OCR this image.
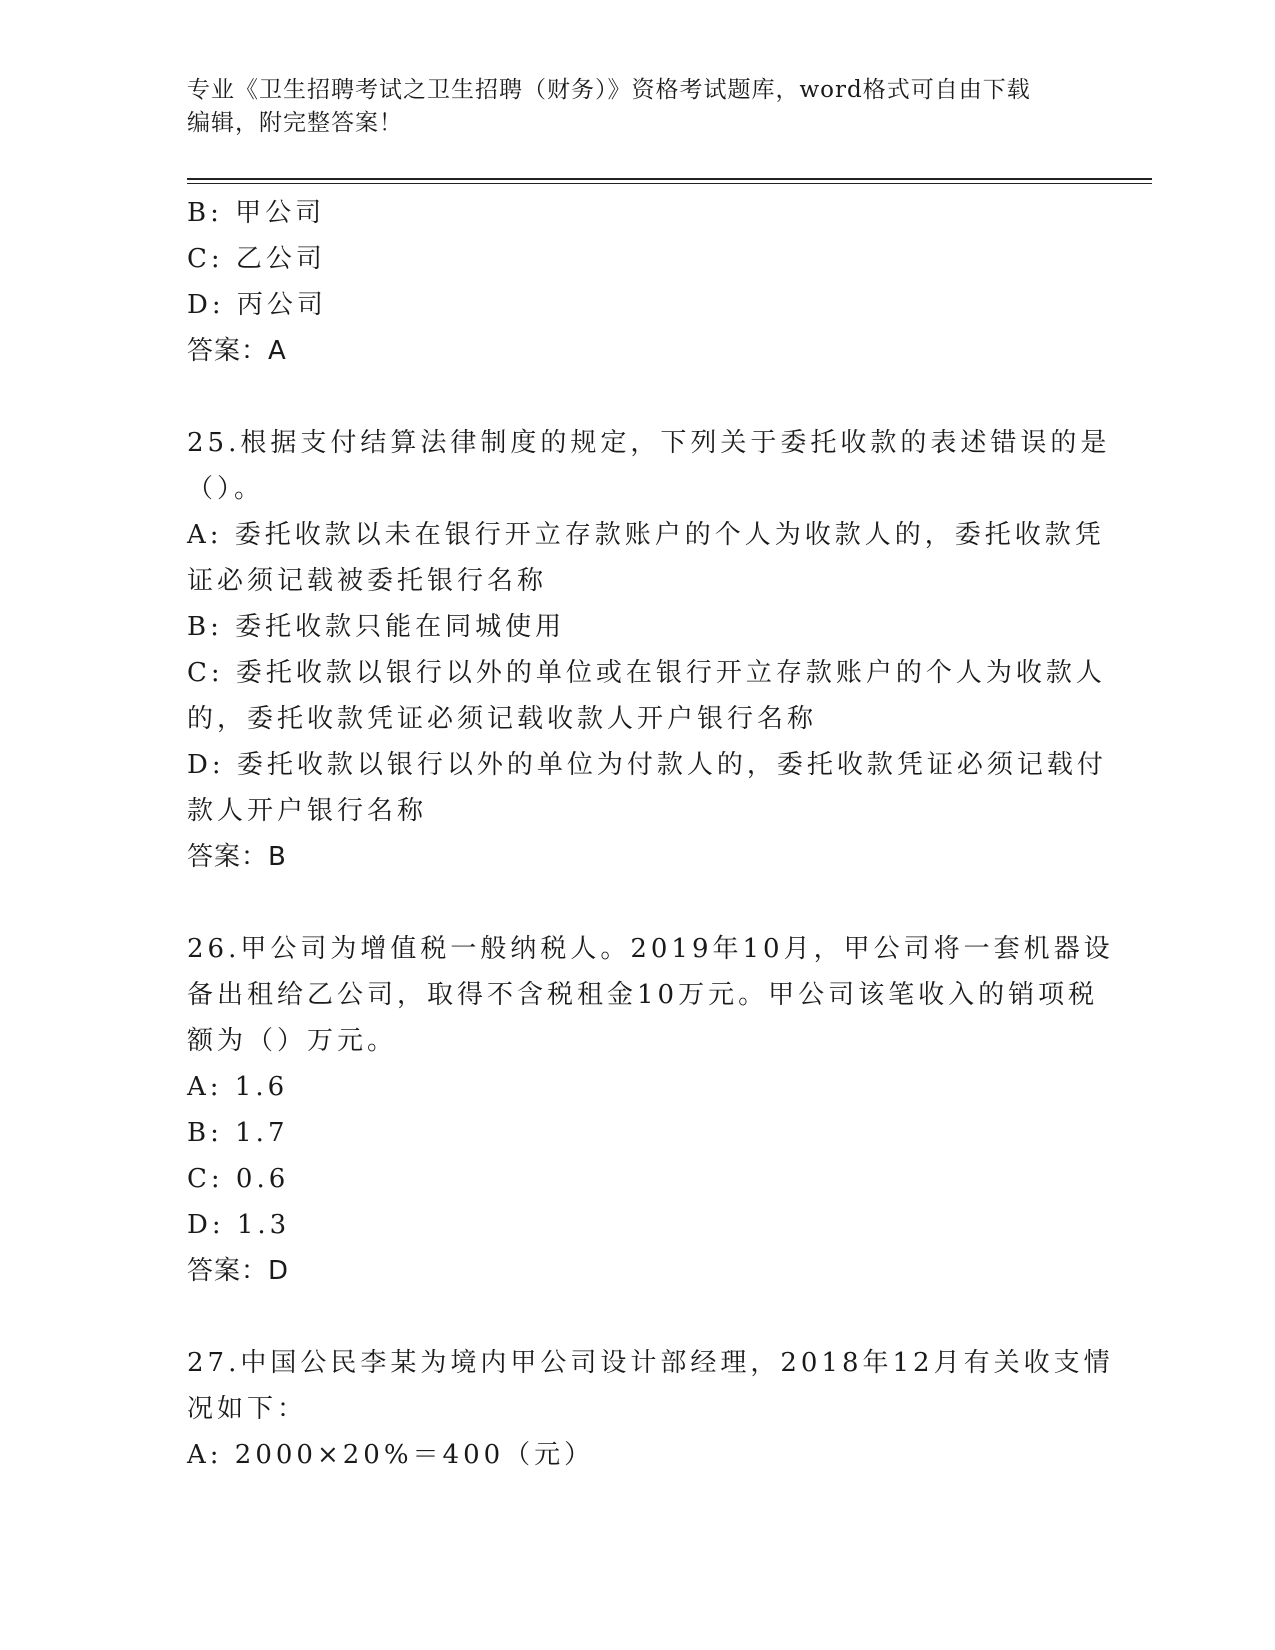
专业《卫生招聘考试之卫生招聘（财务）》资格考试题库，word格式可自由下载
编辑，附完整答案！

B: 甲公司

C: 乙公司

D: 丙公司

答案：A

25.根据支付结算法律制度的规定，下列关于委托收款的表述错误的是

（）。

A: 委托收款以未在银行开立存款账户的个人为收款人的，委托收款凭

证必须记载被委托银行名称

B: 委托收款只能在同城使用

C: 委托收款以银行以外的单位或在银行开立存款账户的个人为收款人

的，委托收款凭证必须记载收款人开户银行名称

D: 委托收款以银行以外的单位为付款人的，委托收款凭证必须记载付

款人开户银行名称

答案：B

26.甲公司为增值税一般纳税人。2019年10月，甲公司将一套机器设

备出租给乙公司，取得不含税租金10万元。甲公司该笔收入的销项税

额为（）万元。

A: 1.6

B: 1.7

C: 0.6

D: 1.3

答案：D

27.中国公民李某为境内甲公司设计部经理，2018年12月有关收支情

况如下：

A: 2000×20%＝400（元）
